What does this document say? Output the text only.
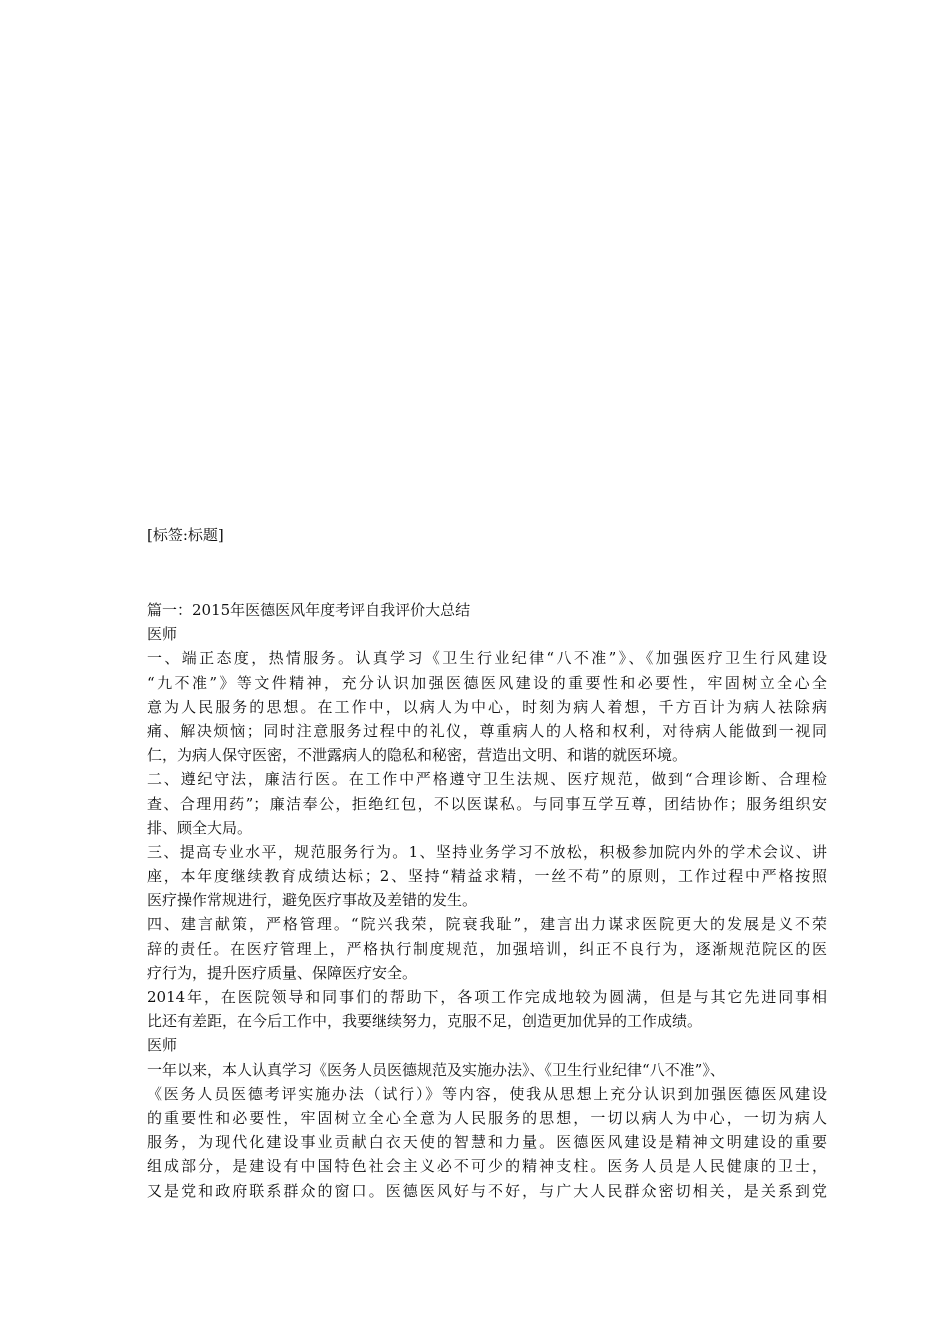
[标签:标题]
篇一：2015年医德医风年度考评自我评价大总结
医师
一、端正态度，热情服务。认真学习《卫生行业纪律“八不准”》、《加强医疗卫生行风建设
“九不准”》等文件精神，充分认识加强医德医风建设的重要性和必要性，牢固树立全心全
意为人民服务的思想。在工作中，以病人为中心，时刻为病人着想，千方百计为病人祛除病
痛、解决烦恼；同时注意服务过程中的礼仪，尊重病人的人格和权利，对待病人能做到一视同
仁，为病人保守医密，不泄露病人的隐私和秘密，营造出文明、和谐的就医环境。
二、遵纪守法，廉洁行医。在工作中严格遵守卫生法规、医疗规范，做到“合理诊断、合理检
查、合理用药”；廉洁奉公，拒绝红包，不以医谋私。与同事互学互尊，团结协作；服务组织安
排、顾全大局。
三、提高专业水平，规范服务行为。1、坚持业务学习不放松，积极参加院内外的学术会议、讲
座，本年度继续教育成绩达标；2、坚持“精益求精，一丝不苟”的原则，工作过程中严格按照
医疗操作常规进行，避免医疗事故及差错的发生。
四、建言献策，严格管理。“院兴我荣，院衰我耻”，建言出力谋求医院更大的发展是义不荣
辞的责任。在医疗管理上，严格执行制度规范，加强培训，纠正不良行为，逐渐规范院区的医
疗行为，提升医疗质量、保障医疗安全。
2014年，在医院领导和同事们的帮助下，各项工作完成地较为圆满，但是与其它先进同事相
比还有差距，在今后工作中，我要继续努力，克服不足，创造更加优异的工作成绩。
医师
一年以来，本人认真学习《医务人员医德规范及实施办法》、《卫生行业纪律“八不准”》、
《医务人员医德考评实施办法（试行）》等内容，使我从思想上充分认识到加强医德医风建设
的重要性和必要性，牢固树立全心全意为人民服务的思想，一切以病人为中心，一切为病人
服务，为现代化建设事业贡献白衣天使的智慧和力量。医德医风建设是精神文明建设的重要
组成部分，是建设有中国特色社会主义必不可少的精神支柱。医务人员是人民健康的卫士，
又是党和政府联系群众的窗口。医德医风好与不好，与广大人民群众密切相关，是关系到党
